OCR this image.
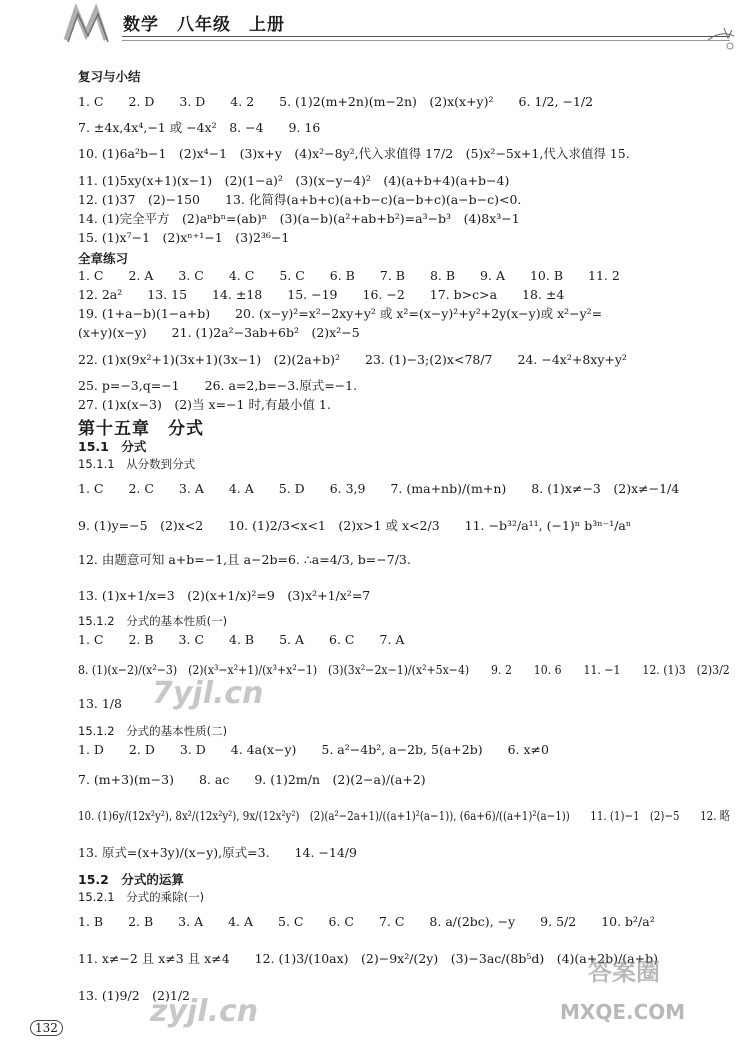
数学　八年级　上册
复习与小结
1. C　　2. D　　3. D　　4. 2　　5. (1)2(m+2n)(m−2n)　(2)x(x+y)²　　6. 1/2, −1/2
7. ±4x,4x⁴,−1 或 −4x²　8. −4　　9. 16
10. (1)6a²b−1　(2)x⁴−1　(3)x+y　(4)x²−8y²,代入求值得 17/2　(5)x²−5x+1,代入求值得 15.
11. (1)5xy(x+1)(x−1)　(2)(1−a)²　(3)(x−y−4)²　(4)(a+b+4)(a+b−4)
12. (1)37　(2)−150　　13. 化简得(a+b+c)(a+b−c)(a−b+c)(a−b−c)<0.
14. (1)完全平方　(2)aⁿbⁿ=(ab)ⁿ　(3)(a−b)(a²+ab+b²)=a³−b³　(4)8x³−1
15. (1)x⁷−1　(2)xⁿ⁺¹−1　(3)2³⁶−1
全章练习
1. C　　2. A　　3. C　　4. C　　5. C　　6. B　　7. B　　8. B　　9. A　　10. B　　11. 2
12. 2a²　　13. 15　　14. ±18　　15. −19　　16. −2　　17. b>c>a　　18. ±4
19. (1+a−b)(1−a+b)　　20. (x−y)²=x²−2xy+y² 或 x²=(x−y)²+y²+2y(x−y)或 x²−y²=
(x+y)(x−y)　　21. (1)2a²−3ab+6b²　(2)x²−5
22. (1)x(9x²+1)(3x+1)(3x−1)　(2)(2a+b)²　　23. (1)−3;(2)x<78/7　　24. −4x²+8xy+y²
25. p=−3,q=−1　　26. a=2,b=−3.原式=−1.
27. (1)x(x−3)　(2)当 x=−1 时,有最小值 1.
第十五章　分式
15.1　分式
15.1.1　从分数到分式
1. C　　2. C　　3. A　　4. A　　5. D　　6. 3,9　　7. (ma+nb)/(m+n)　　8. (1)x≠−3　(2)x≠−1/4
9. (1)y=−5　(2)x<2　　10. (1)2/3<x<1　(2)x>1 或 x<2/3　　11. −b³²/a¹¹, (−1)ⁿ b³ⁿ⁻¹/aⁿ
12. 由题意可知 a+b=−1,且 a−2b=6. ∴a=4/3, b=−7/3.
13. (1)x+1/x=3　(2)(x+1/x)²=9　(3)x²+1/x²=7
15.1.2　分式的基本性质(一)
1. C　　2. B　　3. C　　4. B　　5. A　　6. C　　7. A
8. (1)(x−2)/(x²−3)　(2)(x³−x²+1)/(x³+x²−1)　(3)(3x²−2x−1)/(x²+5x−4)　　9. 2　　10. 6　　11. −1　　12. (1)3　(2)3/2
13. 1/8
15.1.2　分式的基本性质(二)
1. D　　2. D　　3. D　　4. 4a(x−y)　　5. a²−4b², a−2b, 5(a+2b)　　6. x≠0
7. (m+3)(m−3)　　8. ac　　9. (1)2m/n　(2)(2−a)/(a+2)
10. (1)6y/(12x²y²), 8x²/(12x²y²), 9x/(12x²y²)　(2)(a²−2a+1)/((a+1)²(a−1)), (6a+6)/((a+1)²(a−1))　　11. (1)−1　(2)−5　　12. 略
13. 原式=(x+3y)/(x−y),原式=3.　　14. −14/9
15.2　分式的运算
15.2.1　分式的乘除(一)
1. B　　2. B　　3. A　　4. A　　5. C　　6. C　　7. C　　8. a/(2bc), −y　　9. 5/2　　10. b²/a²
11. x≠−2 且 x≠3 且 x≠4　　12. (1)3/(10ax)　(2)−9x²/(2y)　(3)−3ac/(8b⁵d)　(4)(a+2b)/(a+b)
13. (1)9/2　(2)1/2
7yjl.cn
zyjl.cn
答案圈
MXQE.COM
132
